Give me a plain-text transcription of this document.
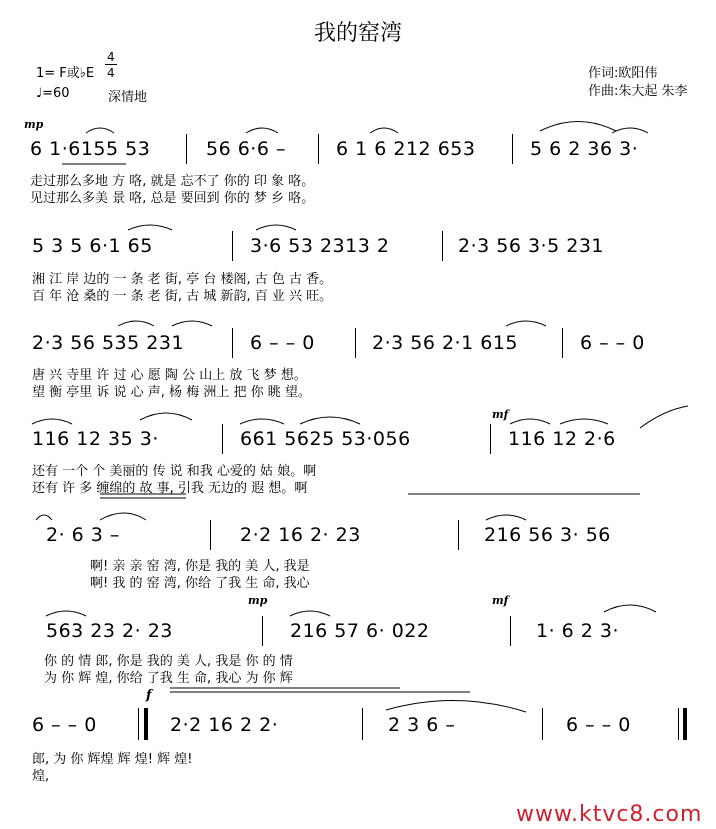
我的窑湾
1= F或♭E
4
4
♩=60	深情地
作词:欧阳伟
作曲:朱大起 朱李
mp
6 1·6155 53	56 6·6 –	6 1 6 212 653	5 6 2 36 3·
走过那么多地 方 咯, 就是 忘不了 你的 印 象 咯。
见过那么多美 景 咯, 总是 要回到 你的 梦 乡 咯。
5 3 5 6·1 65	3·6 53 2313 2	2·3 56 3·5 231
湘 江 岸 边的 一 条 老 街, 亭 台 楼阁, 古 色 古 香。
百 年 沧 桑的 一 条 老 街, 古 城 新韵, 百 业 兴 旺。
2·3 56 535 231	6 – – 0	2·3 56 2·1 615	6 – – 0
唐 兴 寺里 许 过 心 愿 陶 公 山上 放 飞 梦 想。
望 衡 亭里 诉 说 心 声, 杨 梅 洲上 把 你 眺 望。
mf
116 12 35 3·	661 5625 53·056	116 12 2·6
还有 一个 个 美丽的 传 说 和我 心爱的 姑 娘。啊
还有 许 多 缠绵的 故 事, 引我 无边的 遐 想。啊
2· 6 3 –	2·2 16 2· 23	216 56 3· 56
啊! 亲 亲 窑 湾, 你是 我的 美 人, 我是
啊! 我 的 窑 湾, 你给 了我 生 命, 我心
mp	mf
563 23 2· 23	216 57 6· 022	1· 6 2 3·
你 的 情 郎, 你是 我的 美 人, 我是 你 的 情
为 你 辉 煌, 你给 了我 生 命, 我心 为 你 辉
f
6 – – 0	2·2 16 2 2·	2 3 6 –	6 – – 0
郎, 为 你 辉煌 辉 煌! 辉 煌!
煌,
www.ktvc8.com
